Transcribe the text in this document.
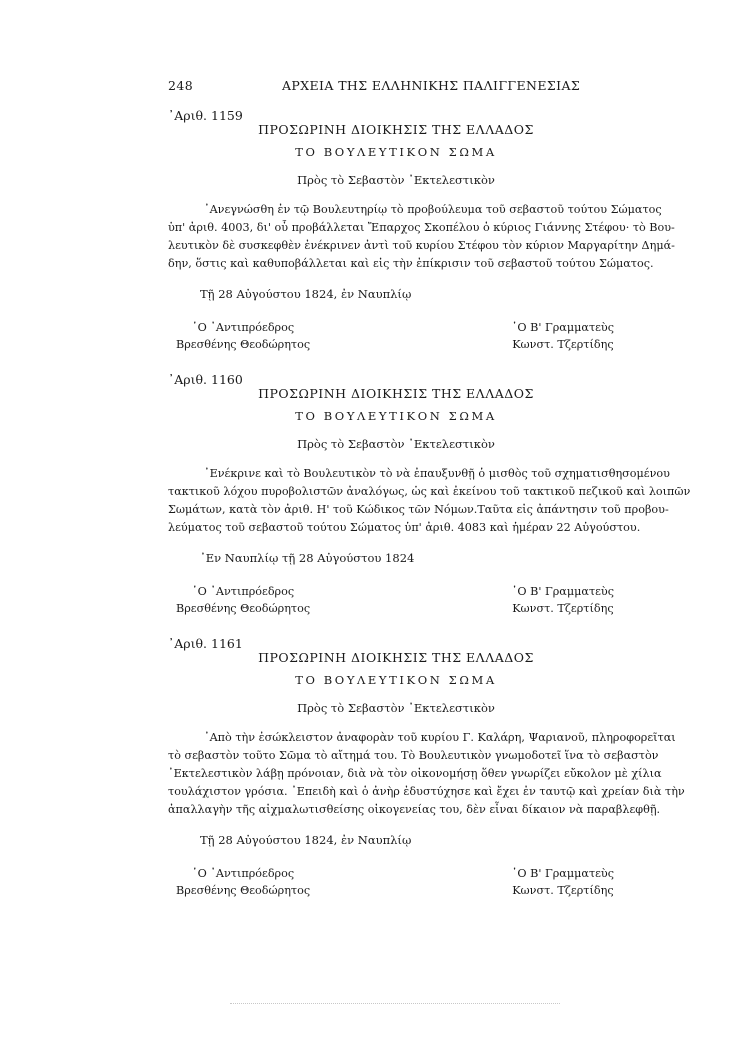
248	ΑΡΧΕΙΑ ΤΗΣ ΕΛΛΗΝΙΚΗΣ ΠΑΛΙΓΓΕΝΕΣΙΑΣ
᾿Αριθ. 1159
ΠΡΟΣΩΡΙΝΗ ΔΙΟΙΚΗΣΙΣ ΤΗΣ ΕΛΛΑΔΟΣ
ΤΟ ΒΟΥΛΕΥΤΙΚΟΝ ΣΩΜΑ
Πρὸς τὸ Σεβαστὸν ᾿Εκτελεστικὸν
᾿Ανεγνώσθη ἐν τῷ Βουλευτηρίῳ τὸ προβούλευμα τοῦ σεβαστοῦ τούτου Σώματος
ὑπ' ἀριθ. 4003, δι' οὗ προβάλλεται Ἔπαρχος Σκοπέλου ὁ κύριος Γιάννης Στέφου· τὸ Βου-
λευτικὸν δὲ συσκεφθὲν ἐνέκρινεν ἀντὶ τοῦ κυρίου Στέφου τὸν κύριον Μαργαρίτην Δημά-
δην, ὅστις καὶ καθυποβάλλεται καὶ εἰς τὴν ἐπίκρισιν τοῦ σεβαστοῦ τούτου Σώματος.
Τῇ 28 Αὐγούστου 1824, ἐν Ναυπλίῳ
῾Ο ᾿Αντιπρόεδρος
Βρεσθένης Θεοδώρητος
῾Ο Β' Γραμματεὺς
Κωνστ. Τζερτίδης
᾿Αριθ. 1160
ΠΡΟΣΩΡΙΝΗ ΔΙΟΙΚΗΣΙΣ ΤΗΣ ΕΛΛΑΔΟΣ
ΤΟ ΒΟΥΛΕΥΤΙΚΟΝ ΣΩΜΑ
Πρὸς τὸ Σεβαστὸν ᾿Εκτελεστικὸν
᾿Ενέκρινε καὶ τὸ Βουλευτικὸν τὸ νὰ ἐπαυξυνθῇ ὁ μισθὸς τοῦ σχηματισθησομένου
τακτικοῦ λόχου πυροβολιστῶν ἀναλόγως, ὡς καὶ ἐκείνου τοῦ τακτικοῦ πεζικοῦ καὶ λοιπῶν
Σωμάτων, κατὰ τὸν ἀριθ. Η' τοῦ Κώδικος τῶν Νόμων.Ταῦτα εἰς ἀπάντησιν τοῦ προβου-
λεύματος τοῦ σεβαστοῦ τούτου Σώματος ὑπ' ἀριθ. 4083 καὶ ἡμέραν 22 Αὐγούστου.
᾿Εν Ναυπλίῳ τῇ 28 Αὐγούστου 1824
῾Ο ᾿Αντιπρόεδρος
Βρεσθένης Θεοδώρητος
῾Ο Β' Γραμματεὺς
Κωνστ. Τζερτίδης
᾿Αριθ. 1161
ΠΡΟΣΩΡΙΝΗ ΔΙΟΙΚΗΣΙΣ ΤΗΣ ΕΛΛΑΔΟΣ
ΤΟ ΒΟΥΛΕΥΤΙΚΟΝ ΣΩΜΑ
Πρὸς τὸ Σεβαστὸν ᾿Εκτελεστικὸν
᾿Απὸ τὴν ἐσώκλειστον ἀναφορὰν τοῦ κυρίου Γ. Καλάρη, Ψαριανοῦ, πληροφορεῖται
τὸ σεβαστὸν τοῦτο Σῶμα τὸ αἴτημά του. Τὸ Βουλευτικὸν γνωμοδοτεῖ ἵνα τὸ σεβαστὸν
᾿Εκτελεστικὸν λάβῃ πρόνοιαν, διὰ νὰ τὸν οἰκονομήσῃ ὅθεν γνωρίζει εὔκολον μὲ χίλια
τουλάχιστον γρόσια. ᾿Επειδὴ καὶ ὁ ἀνὴρ ἐδυστύχησε καὶ ἔχει ἐν ταυτῷ καὶ χρείαν διὰ τὴν
ἀπαλλαγὴν τῆς αἰχμαλωτισθείσης οἰκογενείας του, δὲν εἶναι δίκαιον νὰ παραβλεφθῇ.
Τῇ 28 Αὐγούστου 1824, ἐν Ναυπλίῳ
῾Ο ᾿Αντιπρόεδρος
Βρεσθένης Θεοδώρητος
῾Ο Β' Γραμματεὺς
Κωνστ. Τζερτίδης
